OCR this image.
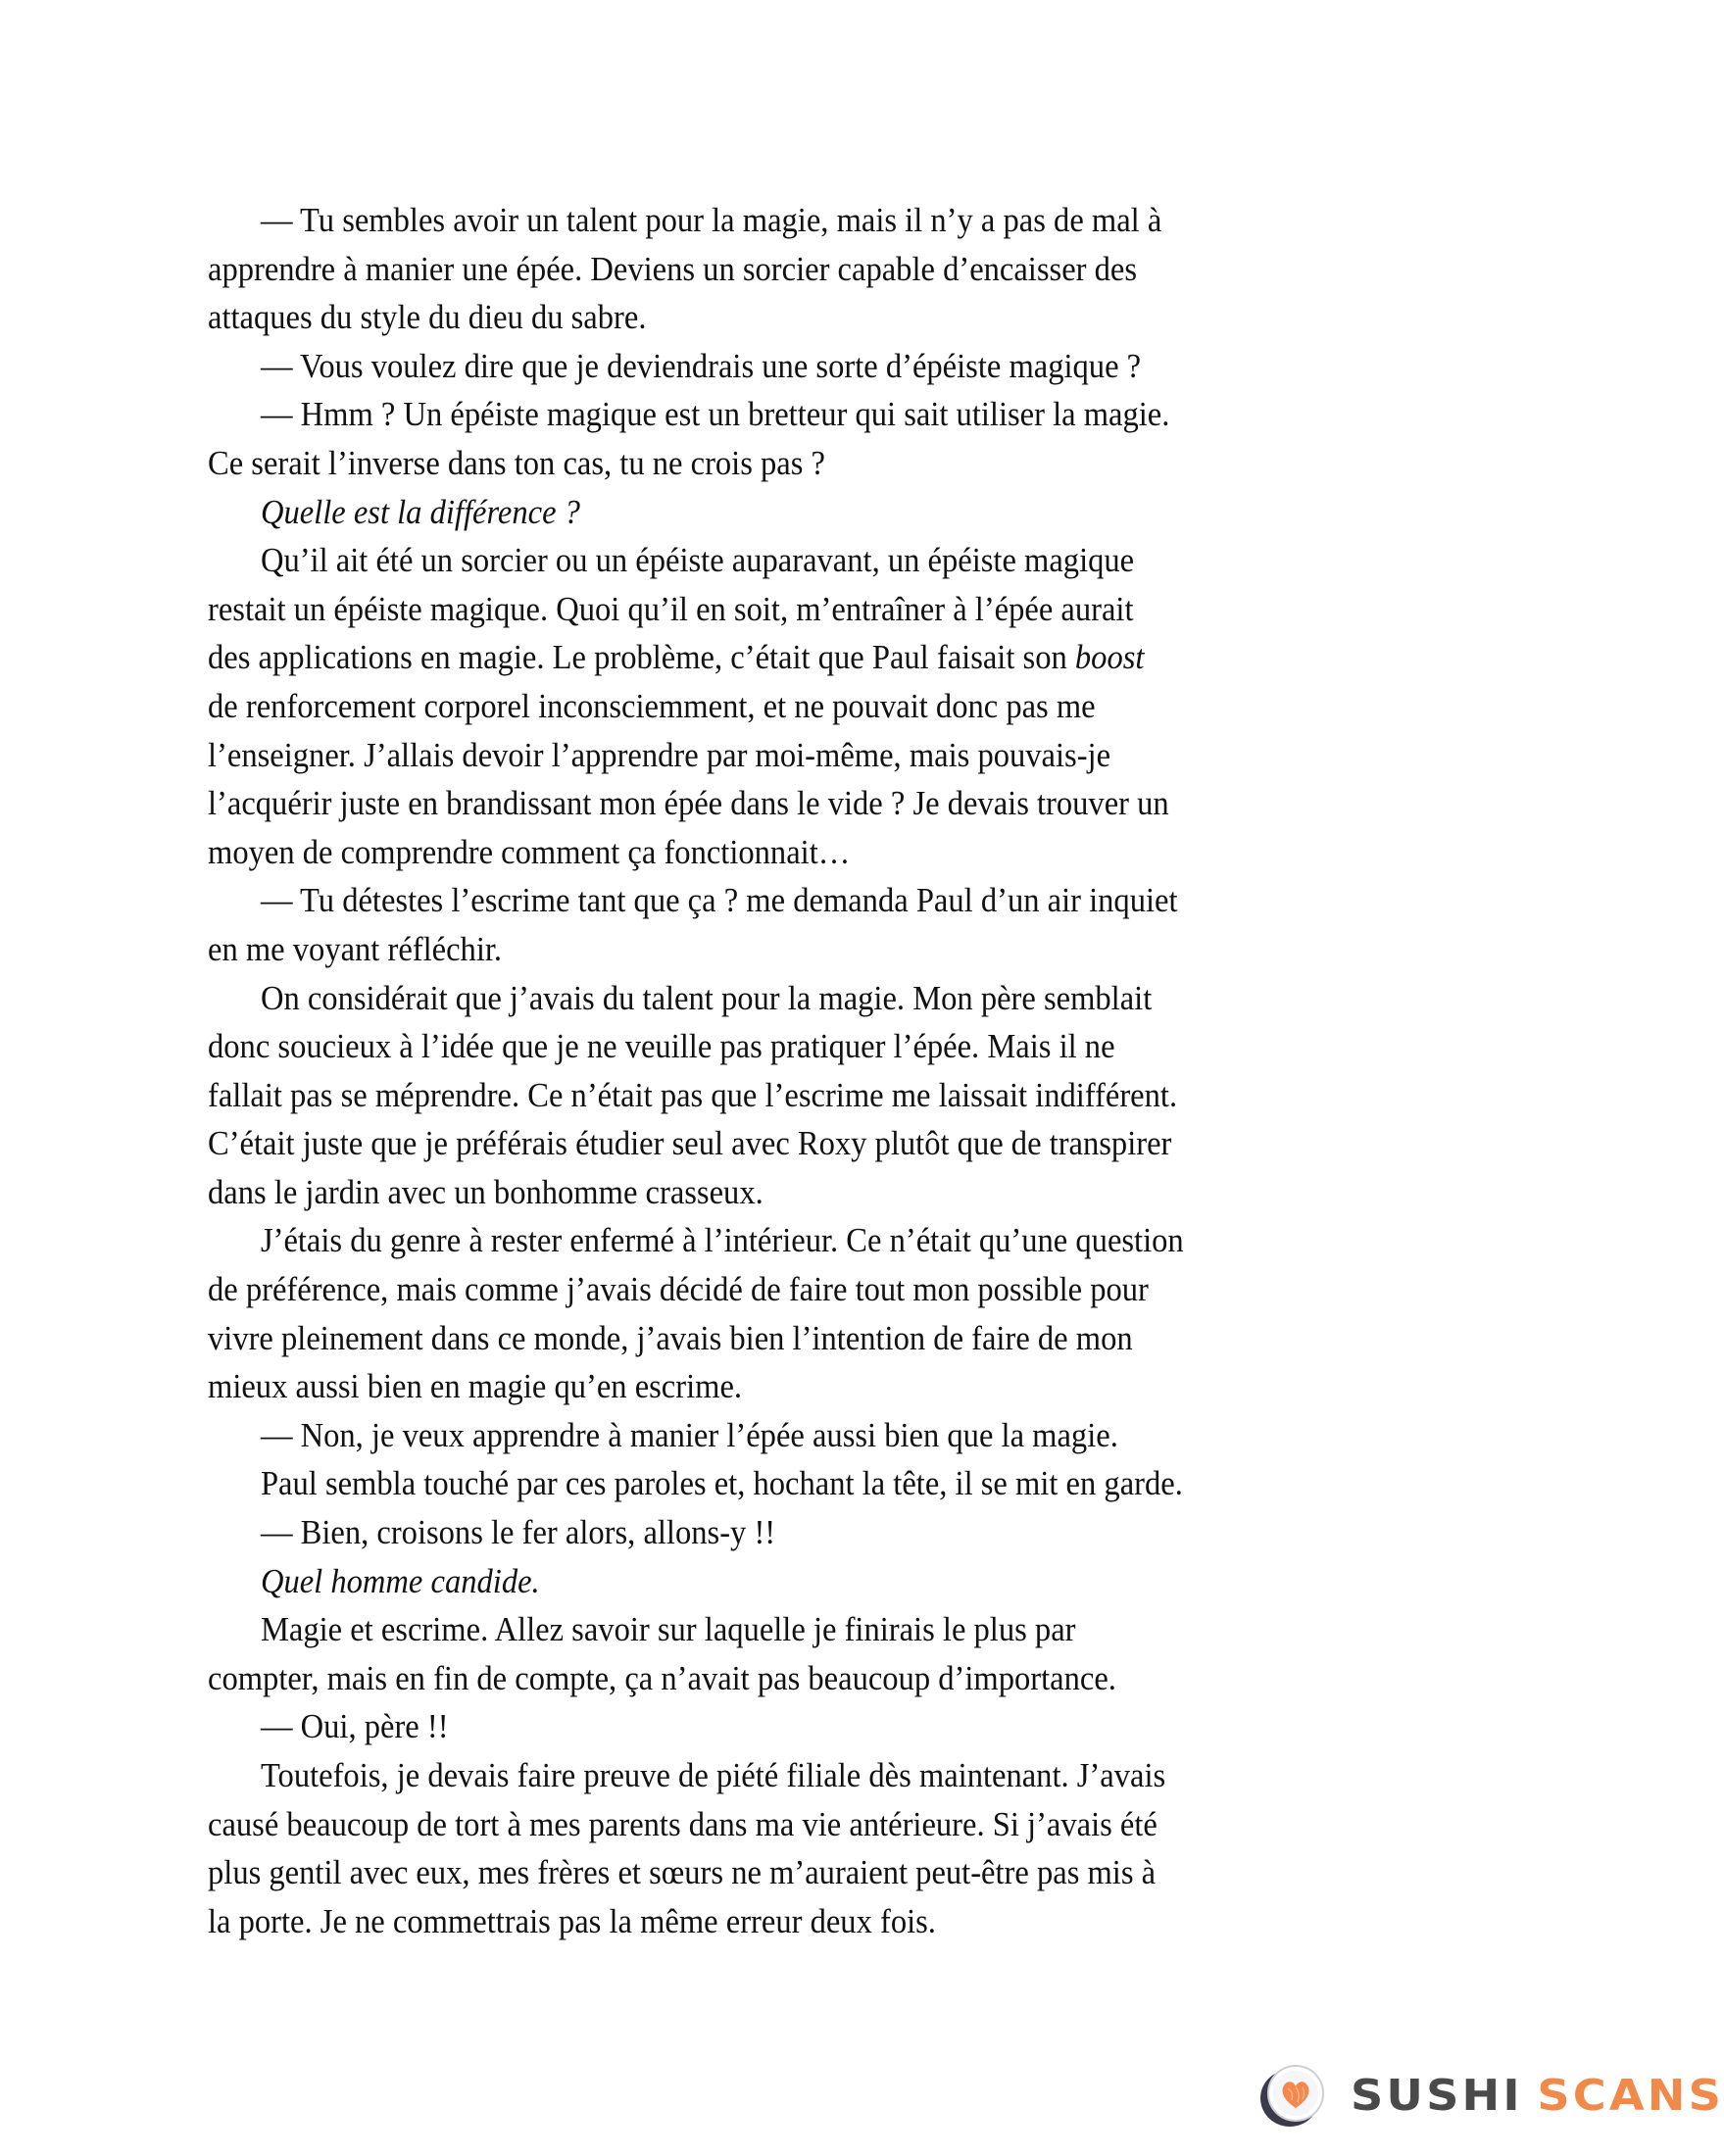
— Tu sembles avoir un talent pour la magie, mais il n’y a pas de mal à
apprendre à manier une épée. Deviens un sorcier capable d’encaisser des
attaques du style du dieu du sabre.
— Vous voulez dire que je deviendrais une sorte d’épéiste magique ?
— Hmm ? Un épéiste magique est un bretteur qui sait utiliser la magie.
Ce serait l’inverse dans ton cas, tu ne crois pas ?
Quelle est la différence ?
Qu’il ait été un sorcier ou un épéiste auparavant, un épéiste magique
restait un épéiste magique. Quoi qu’il en soit, m’entraîner à l’épée aurait
des applications en magie. Le problème, c’était que Paul faisait son boost
de renforcement corporel inconsciemment, et ne pouvait donc pas me
l’enseigner. J’allais devoir l’apprendre par moi-même, mais pouvais-je
l’acquérir juste en brandissant mon épée dans le vide ? Je devais trouver un
moyen de comprendre comment ça fonctionnait…
— Tu détestes l’escrime tant que ça ? me demanda Paul d’un air inquiet
en me voyant réfléchir.
On considérait que j’avais du talent pour la magie. Mon père semblait
donc soucieux à l’idée que je ne veuille pas pratiquer l’épée. Mais il ne
fallait pas se méprendre. Ce n’était pas que l’escrime me laissait indifférent.
C’était juste que je préférais étudier seul avec Roxy plutôt que de transpirer
dans le jardin avec un bonhomme crasseux.
J’étais du genre à rester enfermé à l’intérieur. Ce n’était qu’une question
de préférence, mais comme j’avais décidé de faire tout mon possible pour
vivre pleinement dans ce monde, j’avais bien l’intention de faire de mon
mieux aussi bien en magie qu’en escrime.
— Non, je veux apprendre à manier l’épée aussi bien que la magie.
Paul sembla touché par ces paroles et, hochant la tête, il se mit en garde.
— Bien, croisons le fer alors, allons-y !!
Quel homme candide.
Magie et escrime. Allez savoir sur laquelle je finirais le plus par
compter, mais en fin de compte, ça n’avait pas beaucoup d’importance.
— Oui, père !!
Toutefois, je devais faire preuve de piété filiale dès maintenant. J’avais
causé beaucoup de tort à mes parents dans ma vie antérieure. Si j’avais été
plus gentil avec eux, mes frères et sœurs ne m’auraient peut-être pas mis à
la porte. Je ne commettrais pas la même erreur deux fois.
SUSHI SCANS
